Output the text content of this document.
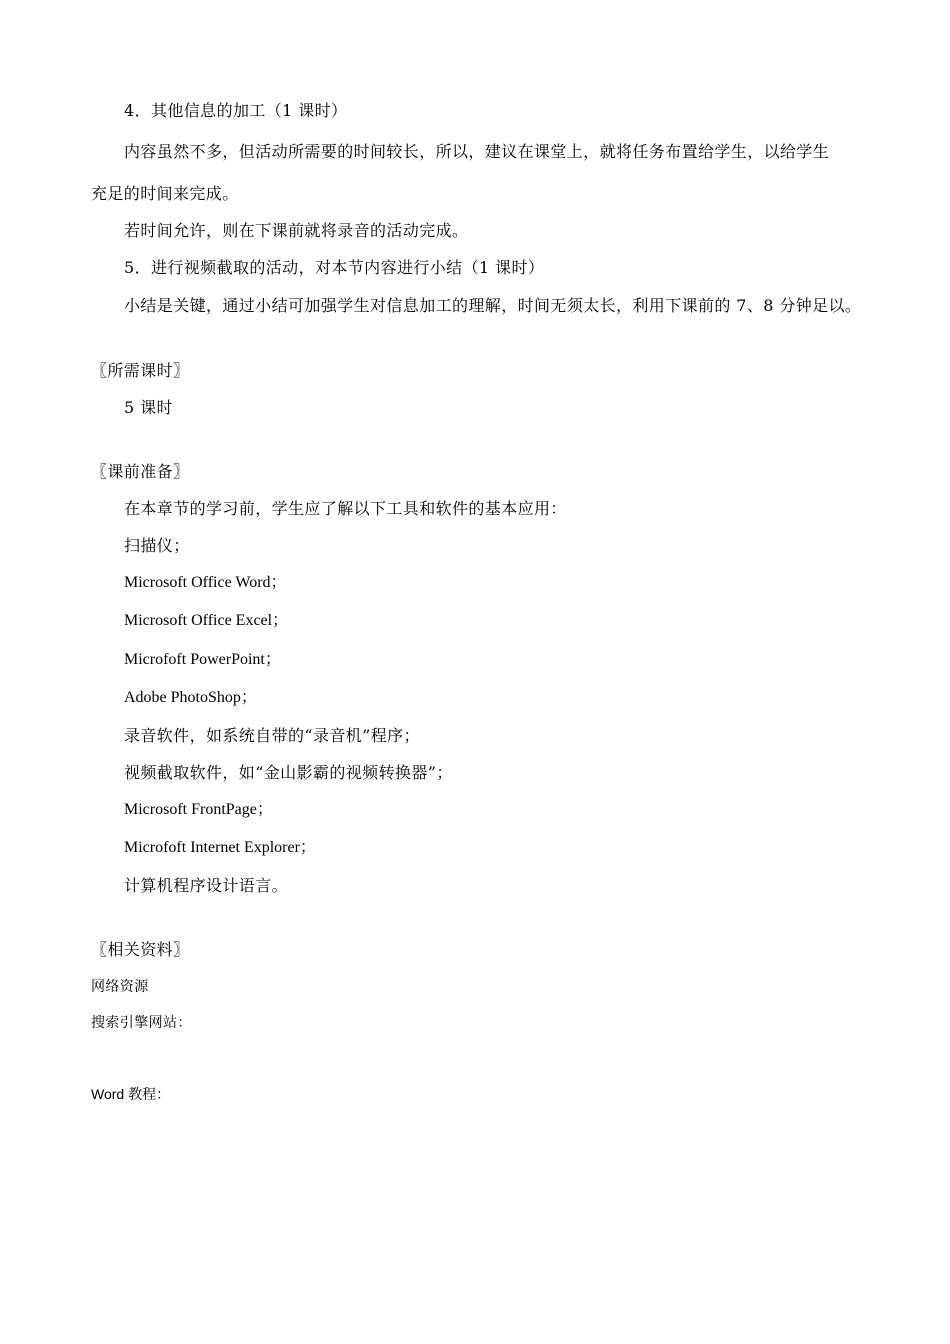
4．其他信息的加工（1 课时）
内容虽然不多，但活动所需要的时间较长，所以，建议在课堂上，就将任务布置给学生，以给学生
充足的时间来完成。
若时间允许，则在下课前就将录音的活动完成。
5．进行视频截取的活动，对本节内容进行小结（1 课时）
小结是关键，通过小结可加强学生对信息加工的理解，时间无须太长，利用下课前的 7、8 分钟足以。
〖所需课时〗
5 课时
〖课前准备〗
在本章节的学习前，学生应了解以下工具和软件的基本应用：
扫描仪；
Microsoft Office Word；
Microsoft Office Excel；
Microfoft PowerPoint；
Adobe PhotoShop；
录音软件，如系统自带的“录音机”程序；
视频截取软件，如“金山影霸的视频转换器”；
Microsoft FrontPage；
Microfoft Internet Explorer；
计算机程序设计语言。
〖相关资料〗
网络资源
搜索引擎网站：
Word 教程：
